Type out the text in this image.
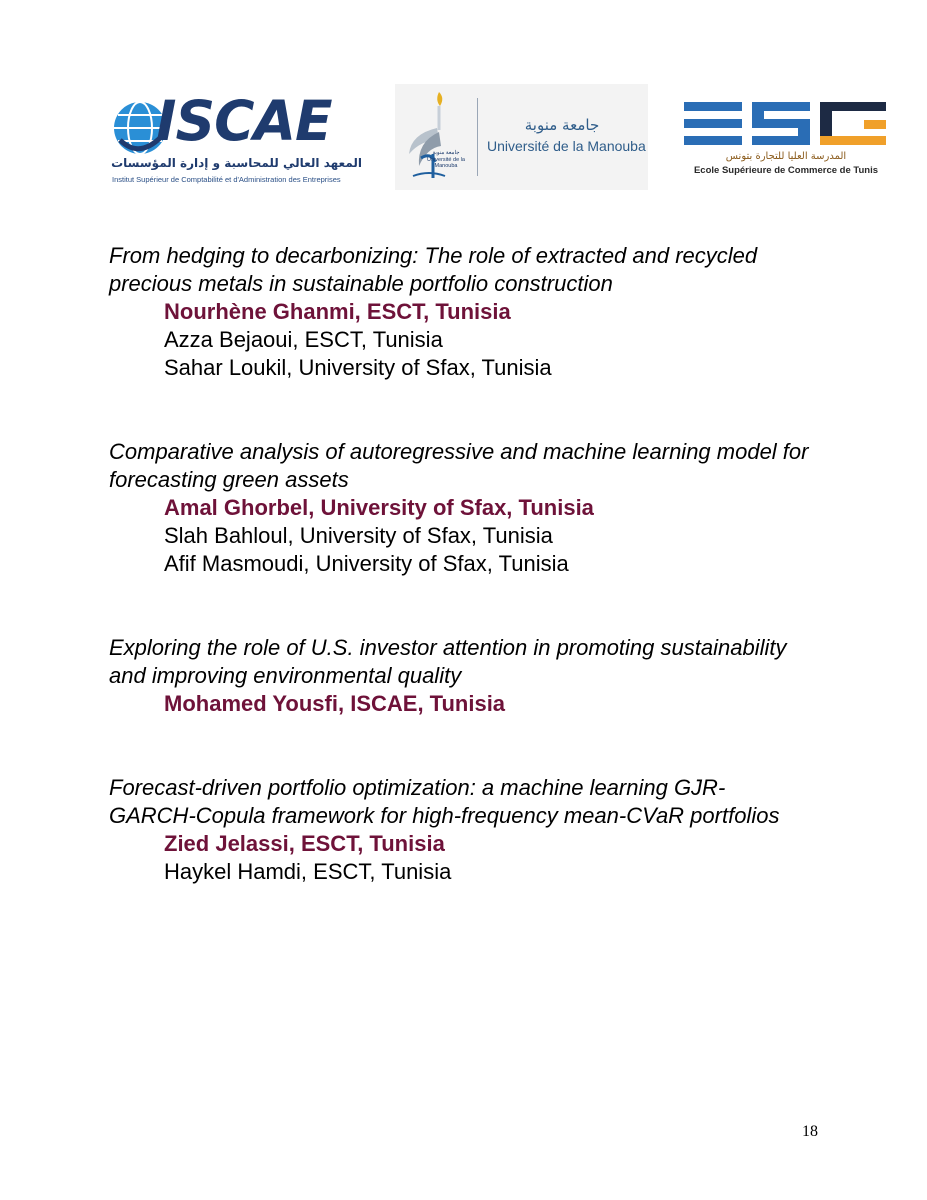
ISCAE
المعهد العالي للمحاسبة و إدارة المؤسسات
Institut Supérieur de Comptabilité et d'Administration des Entreprises
جامعة منوبة Université de la Manouba
جامعة منوبة
Université de la Manouba
المدرسة العليا للتجارة بتونس
Ecole Supérieure de Commerce de Tunis

From hedging to decarbonizing: The role of extracted and recycled precious metals in sustainable portfolio construction

Nourhène Ghanmi, ESCT, Tunisia
Azza Bejaoui, ESCT, Tunisia
Sahar Loukil, University of Sfax, Tunisia

Comparative analysis of autoregressive and machine learning model for forecasting green assets

Amal Ghorbel, University of Sfax, Tunisia
Slah Bahloul, University of Sfax, Tunisia
Afif Masmoudi, University of Sfax, Tunisia

Exploring the role of U.S. investor attention in promoting sustainability and improving environmental quality

Mohamed Yousfi, ISCAE, Tunisia

Forecast-driven portfolio optimization: a machine learning GJR-GARCH-Copula framework for high-frequency mean-CVaR portfolios

Zied Jelassi, ESCT, Tunisia
Haykel Hamdi, ESCT, Tunisia
18
